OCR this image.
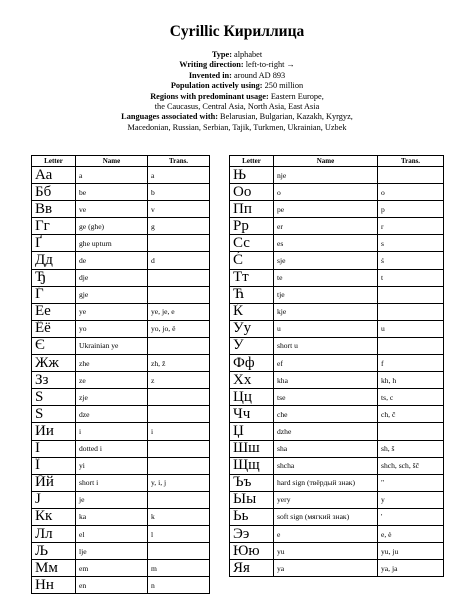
Cyrillic Кириллица
Type: alphabet
Writing direction: left-to-right →
Invented in: around AD 893
Population actively using: 250 million
Regions with predominant usage: Eastern Europe,
the Caucasus, Central Asia, North Asia, East Asia
Languages associated with: Belarusian, Bulgarian, Kazakh, Kyrgyz,
Macedonian, Russian, Serbian, Tajik, Turkmen, Ukrainian, Uzbek
Letter	Name	Trans.
Аа	a	a
Бб	be	b
Вв	ve	v
Гг	ge (ghe)	g
Ґ	ghe upturn	
Дд	de	d
Ђ	dje	
Ѓ	gje	
Ее	ye	ye, je, e
Ёё	yo	yo, jo, ë
Є	Ukrainian ye	
Жж	zhe	zh, ž
Зз	ze	z
Ѕ	zje	
S	dze	
Ии	i	i
І	dotted i	
Ї	yi	
Йй	short i	y, i, j
Ј	je	
Кк	ka	k
Лл	el	l
Љ	lje	
Мм	em	m
Нн	en	n
Letter	Name	Trans.
Њ	nje	
Оо	o	o
Пп	pe	p
Рр	er	r
Сс	es	s
Ć	sje	ś
Тт	te	t
Ћ	tje	
Ќ	kje	
Уу	u	u
Ў	short u	
Фф	ef	f
Хх	kha	kh, h
Цц	tse	ts, c
Чч	che	ch, č
Џ	dzhe	
Шш	sha	sh, š
Щщ	shcha	shch, sch, šč
Ъъ	hard sign (твёрдый знак)	"
Ыы	yery	y
Ьь	soft sign (мягкий знак)	'
Ээ	e	e, è
Юю	yu	yu, ju
Яя	ya	ya, ja
